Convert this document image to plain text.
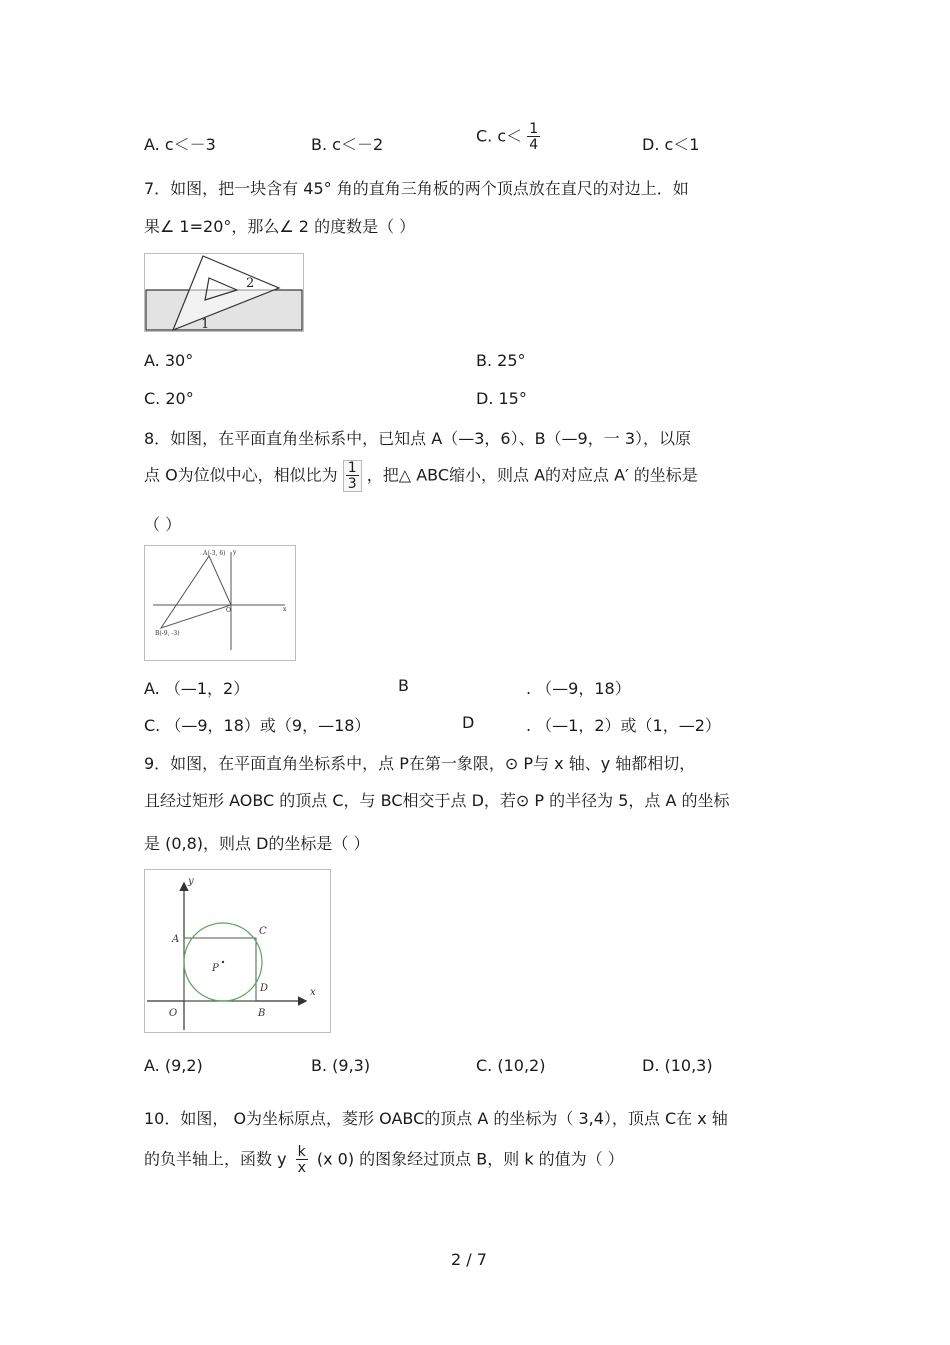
A. c＜－3	B. c＜－2	C. $c< \frac{1}{4}$	D. c＜1
7．如图，把一块含有 45° 角的直角三角板的两个顶点放在直尺的对边上．如
果∠ 1=20°，那么∠ 2 的度数是（ ）
2
1
A. 30°	B. 25°
C. 20°	D. 15°
8．如图，在平面直角坐标系中，已知点 A（—3，6）、B（—9，一 3），以原
点 O为位似中心，相似比为 $\frac{1}{3}$ ，把△ ABC缩小，则点 A的对应点 A′ 的坐标是
（ ）
A(-3, 6)
B(-9, -3)
O	x
y
A. （—1，2）	B	. （—9，18）
C. （—9，18）或（9，—18）	D	. （—1，2）或（1，—2）
9．如图，在平面直角坐标系中，点 P在第一象限，⊙ P与 x 轴、y 轴都相切，
且经过矩形 AOBC 的顶点 C，与 BC相交于点 D，若⊙ P 的半径为 5，点 A 的坐标
是 (0,8)，则点 D的坐标是（ ）
y
x
A
C
P
D
O	B
A. (9,2)	B. (9,3)	C. (10,2)	D. (10,3)
10．如图， O为坐标原点，菱形 OABC的顶点 A 的坐标为（ 3,4），顶点 C在 x 轴
的负半轴上，函数 y $\frac{k}{x} (x$ 0) 的图象经过顶点 B，则 k 的值为（ ）
2 / 7
